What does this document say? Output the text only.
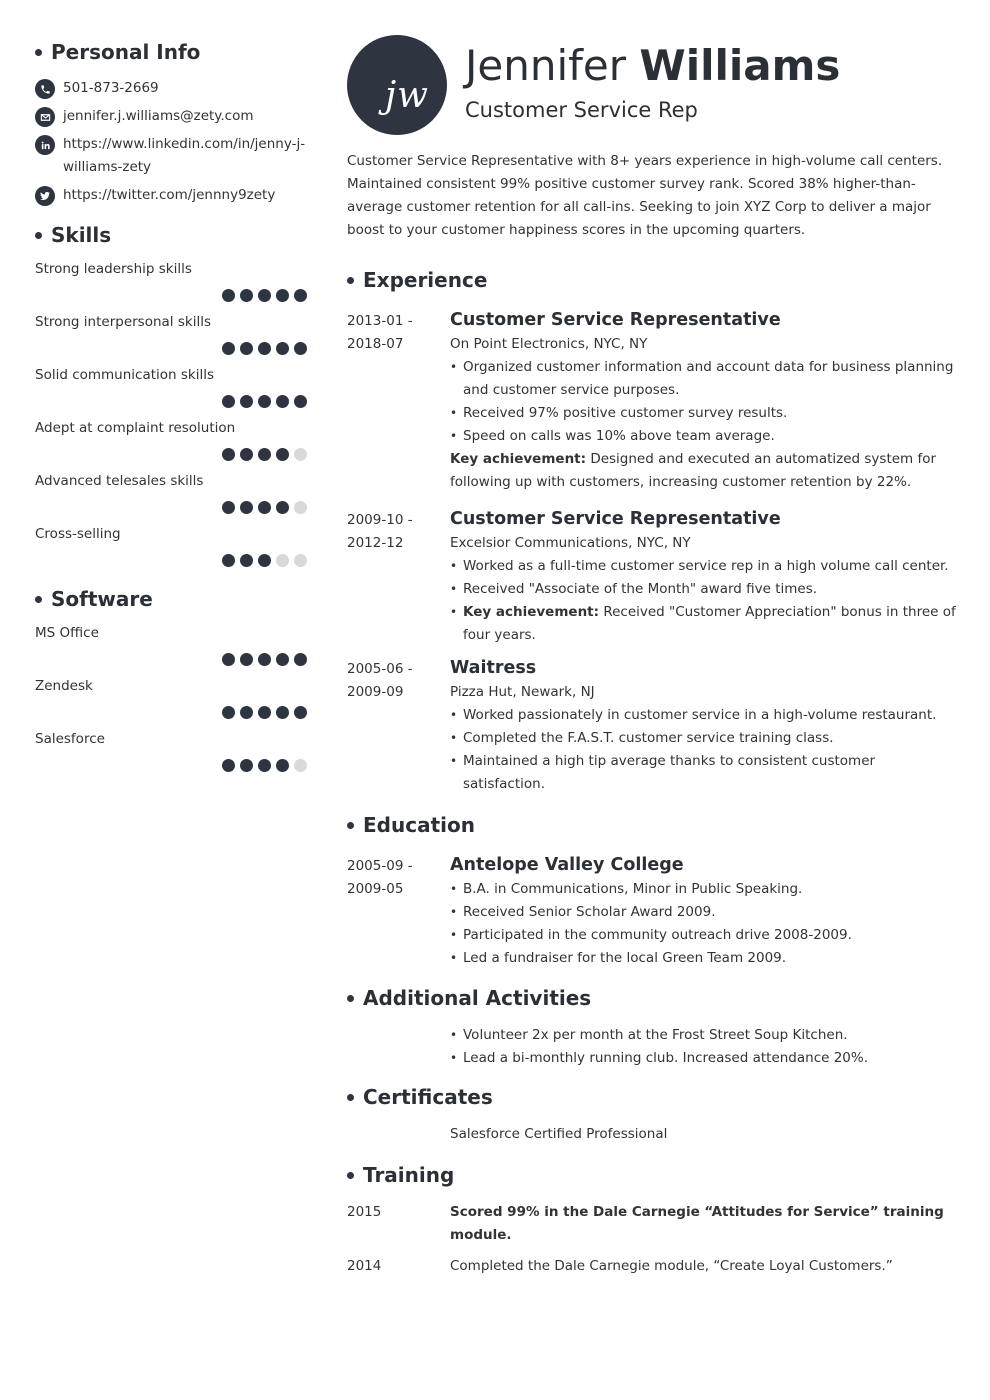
Personal Info
501-873-2669
jennifer.j.williams@zety.com
https://www.linkedin.com/in/jenny-j-williams-zety
https://twitter.com/jennny9zety
Skills
Strong leadership skills
Strong interpersonal skills
Solid communication skills
Adept at complaint resolution
Advanced telesales skills
Cross-selling
Software
MS Office
Zendesk
Salesforce
jw
Jennifer Williams
Customer Service Rep

Customer Service Representative with 8+ years experience in high-volume call centers. Maintained consistent 99% positive customer survey rank. Scored 38% higher-than-average customer retention for all call-ins. Seeking to join XYZ Corp to deliver a major boost to your customer happiness scores in the upcoming quarters.

Experience
2013-01 -
2018-07
Customer Service Representative
On Point Electronics, NYC, NY
• Organized customer information and account data for business planning and customer service purposes.
• Received 97% positive customer survey results.
• Speed on calls was 10% above team average.

Key achievement: Designed and executed an automatized system for following up with customers, increasing customer retention by 22%.

2009-10 -
2012-12
Customer Service Representative
Excelsior Communications, NYC, NY
• Worked as a full-time customer service rep in a high volume call center.
• Received "Associate of the Month" award five times.
• Key achievement: Received "Customer Appreciation" bonus in three of four years.
2005-06 -
2009-09
Waitress
Pizza Hut, Newark, NJ
• Worked passionately in customer service in a high-volume restaurant.
• Completed the F.A.S.T. customer service training class.
• Maintained a high tip average thanks to consistent customer satisfaction.
Education
2005-09 -
2009-05
Antelope Valley College
• B.A. in Communications, Minor in Public Speaking.
• Received Senior Scholar Award 2009.
• Participated in the community outreach drive 2008-2009.
• Led a fundraiser for the local Green Team 2009.
Additional Activities
• Volunteer 2x per month at the Frost Street Soup Kitchen.
• Lead a bi-monthly running club. Increased attendance 20%.
Certificates
Salesforce Certified Professional
Training
2015	Scored 99% in the Dale Carnegie “Attitudes for Service” training module.
2014	Completed the Dale Carnegie module, “Create Loyal Customers.”
